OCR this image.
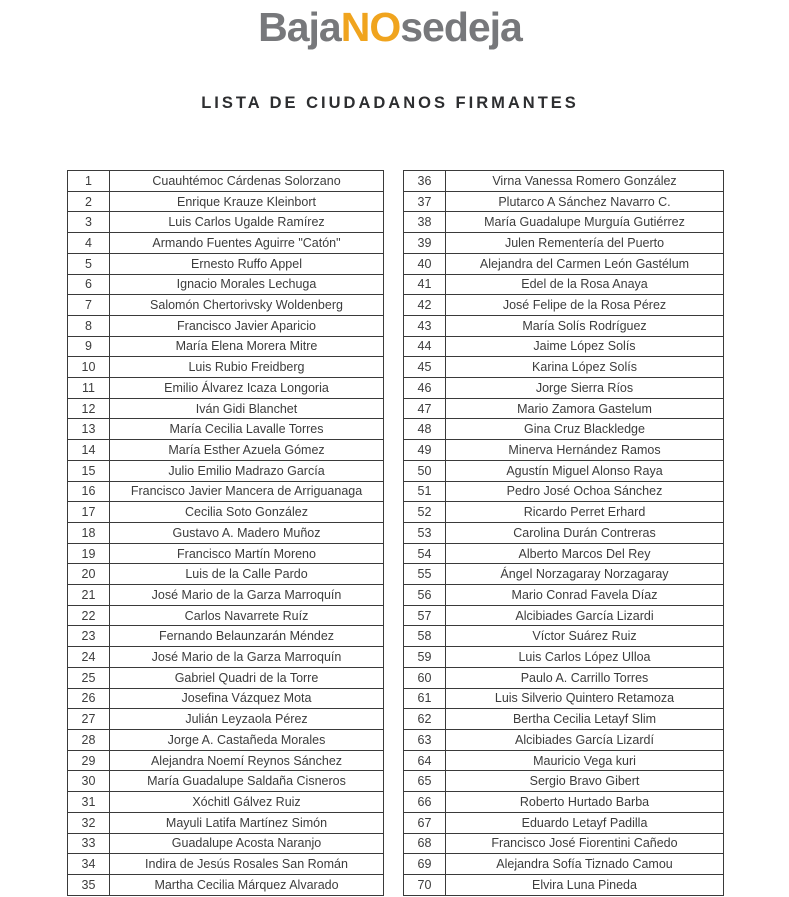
BajaNOsedeja
LISTA DE CIUDADANOS FIRMANTES
1	Cuauhtémoc Cárdenas Solorzano
2	Enrique Krauze Kleinbort
3	Luis Carlos Ugalde Ramírez
4	Armando Fuentes Aguirre "Catón"
5	Ernesto Ruffo Appel
6	Ignacio Morales Lechuga
7	Salomón Chertorivsky Woldenberg
8	Francisco Javier Aparicio
9	María Elena Morera Mitre
10	Luis Rubio Freidberg
11	Emilio Álvarez Icaza Longoria
12	Iván Gidi Blanchet
13	María Cecilia Lavalle Torres
14	María Esther Azuela Gómez
15	Julio Emilio Madrazo García
16	Francisco Javier Mancera de Arriguanaga
17	Cecilia Soto González
18	Gustavo A. Madero Muñoz
19	Francisco Martín Moreno
20	Luis de la Calle Pardo
21	José Mario de la Garza Marroquín
22	Carlos Navarrete Ruíz
23	Fernando Belaunzarán Méndez
24	José Mario de la Garza Marroquín
25	Gabriel Quadri de la Torre
26	Josefina Vázquez Mota
27	Julián Leyzaola Pérez
28	Jorge A. Castañeda Morales
29	Alejandra Noemí Reynos Sánchez
30	María Guadalupe Saldaña Cisneros
31	Xóchitl Gálvez Ruiz
32	Mayuli Latifa Martínez Simón
33	Guadalupe Acosta Naranjo
34	Indira de Jesús Rosales San Román
35	Martha Cecilia Márquez Alvarado
36	Virna Vanessa Romero González
37	Plutarco A Sánchez Navarro C.
38	María Guadalupe Murguía Gutiérrez
39	Julen Rementería del Puerto
40	Alejandra del Carmen León Gastélum
41	Edel de la Rosa Anaya
42	José Felipe de la Rosa Pérez
43	María Solís Rodríguez
44	Jaime López Solís
45	Karina López Solís
46	Jorge Sierra Ríos
47	Mario Zamora Gastelum
48	Gina Cruz Blackledge
49	Minerva Hernández Ramos
50	Agustín Miguel Alonso Raya
51	Pedro José Ochoa Sánchez
52	Ricardo Perret Erhard
53	Carolina Durán Contreras
54	Alberto Marcos Del Rey
55	Ángel Norzagaray Norzagaray
56	Mario Conrad Favela Díaz
57	Alcibiades García Lizardi
58	Víctor Suárez Ruiz
59	Luis Carlos López Ulloa
60	Paulo A. Carrillo Torres
61	Luis Silverio Quintero Retamoza
62	Bertha Cecilia Letayf Slim
63	Alcibiades García Lizardí
64	Mauricio Vega kuri
65	Sergio Bravo Gibert
66	Roberto Hurtado Barba
67	Eduardo Letayf Padilla
68	Francisco José Fiorentini Cañedo
69	Alejandra Sofía Tiznado Camou
70	Elvira Luna Pineda
